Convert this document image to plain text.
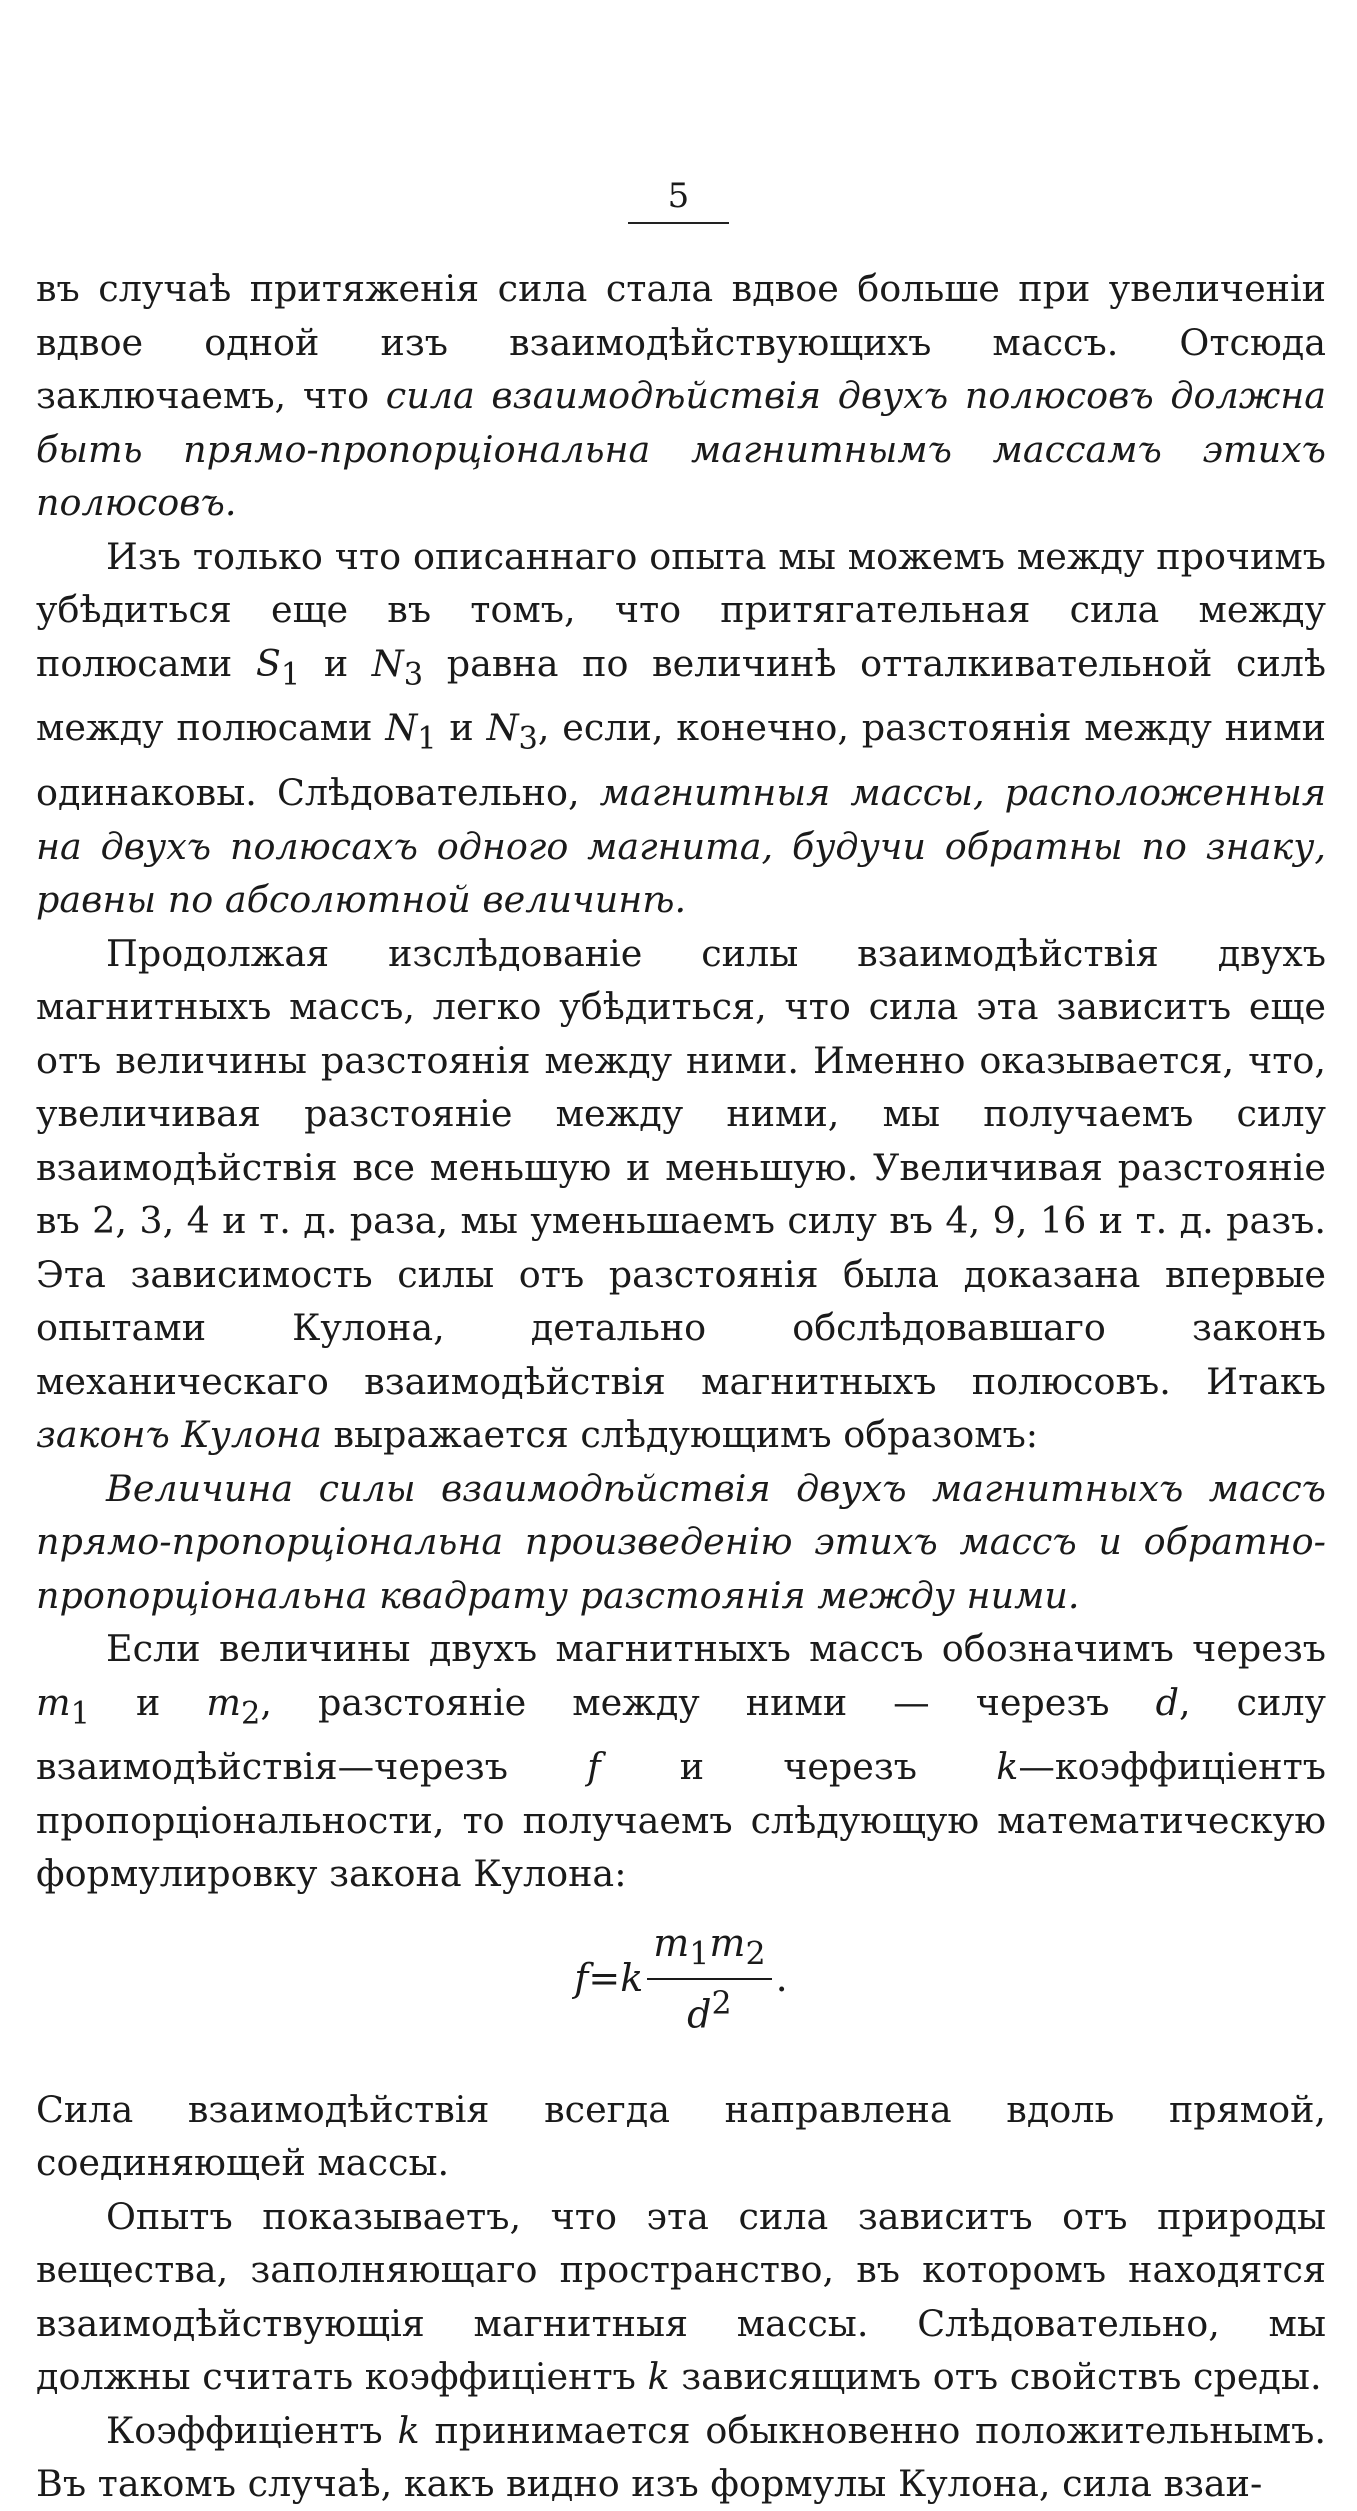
5

въ случаѣ притяженія сила стала вдвое больше при увеличеніи вдвое одной изъ взаимодѣйствующихъ массъ. Отсюда заключаемъ, что сила взаимодѣйствія двухъ полюсовъ должна быть прямо-пропорціональна магнитнымъ массамъ этихъ полюсовъ.

Изъ только что описаннаго опыта мы можемъ между прочимъ убѣдиться еще въ томъ, что притягательная сила между полюсами $S_1$ и $N_3$ равна по величинѣ отталкивательной силѣ между полюсами $N_1$ и $N_3$, если, конечно, разстоянія между ними одинаковы. Слѣдовательно, магнитныя массы, расположенныя на двухъ полюсахъ одного магнита, будучи обратны по знаку, равны по абсолютной величинѣ.

Продолжая изслѣдованіе силы взаимодѣйствія двухъ магнитныхъ массъ, легко убѣдиться, что сила эта зависитъ еще отъ величины разстоянія между ними. Именно оказывается, что, увеличивая разстояніе между ними, мы получаемъ силу взаимодѣйствія все меньшую и меньшую. Увеличивая разстояніе въ 2, 3, 4 и т. д. раза, мы уменьшаемъ силу въ 4, 9, 16 и т. д. разъ. Эта зависимость силы отъ разстоянія была доказана впервые опытами Кулона, детально обслѣдовавшаго законъ механическаго взаимодѣйствія магнитныхъ полюсовъ. Итакъ законъ Кулона выражается слѣдующимъ образомъ:

Величина силы взаимодѣйствія двухъ магнитныхъ массъ прямо-пропорціональна произведенію этихъ массъ и обратно-пропорціональна квадрату разстоянія между ними.

Если величины двухъ магнитныхъ массъ обозначимъ черезъ $m_1$ и $m_2$, разстояніе между ними — черезъ d, силу взаимодѣйствія—черезъ f и черезъ k—коэффиціентъ пропорціональности, то получаемъ слѣдующую математическую формулировку закона Кулона:

f = k $\frac{m_1m_2}{d^2}$ .

Сила взаимодѣйствія всегда направлена вдоль прямой, соединяющей массы.

Опытъ показываетъ, что эта сила зависитъ отъ природы вещества, заполняющаго пространство, въ которомъ находятся взаимодѣйствующія магнитныя массы. Слѣдовательно, мы должны считать коэффиціентъ k зависящимъ отъ свойствъ среды.

Коэффиціентъ k принимается обыкновенно положительнымъ. Въ такомъ случаѣ, какъ видно изъ формулы Кулона, сила взаи-
